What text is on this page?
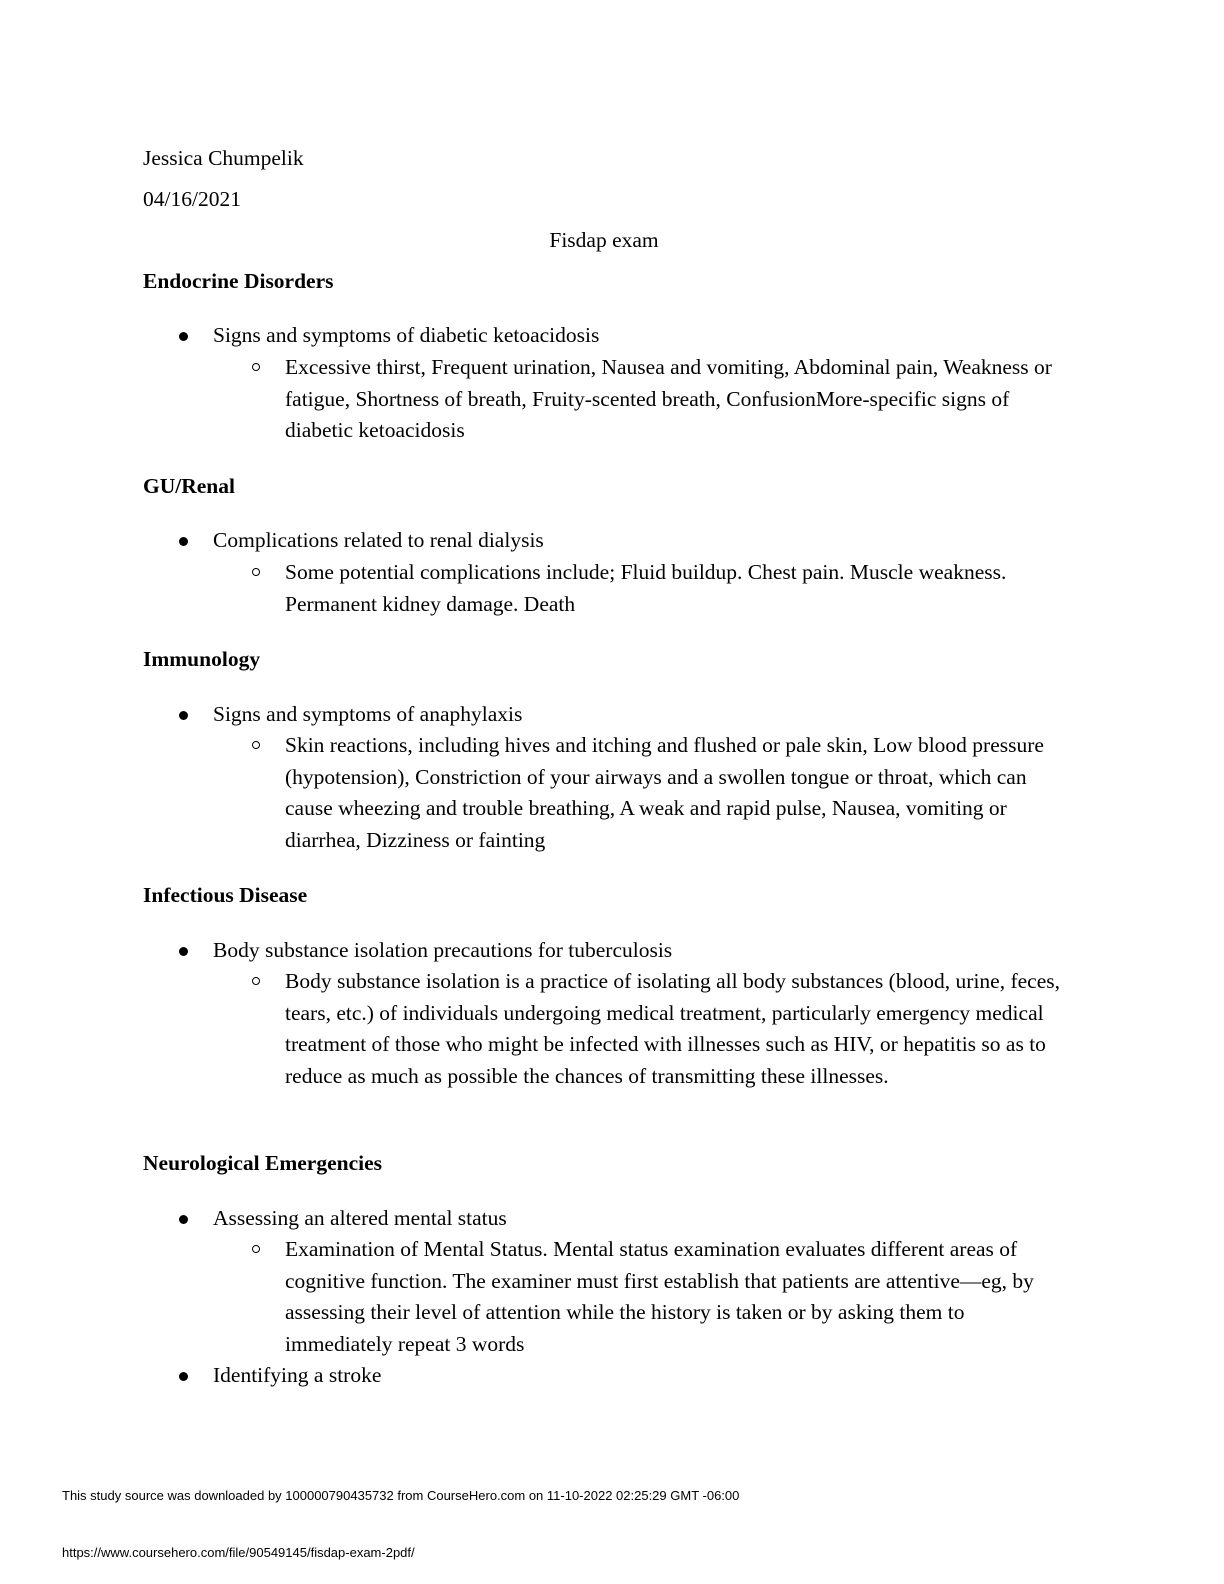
Jessica Chumpelik
04/16/2021
Fisdap exam
Endocrine Disorders
Signs and symptoms of diabetic ketoacidosis
Excessive thirst, Frequent urination, Nausea and vomiting, Abdominal pain, Weakness or fatigue, Shortness of breath, Fruity-scented breath, ConfusionMore-specific signs of diabetic ketoacidosis
GU/Renal
Complications related to renal dialysis
Some potential complications include; Fluid buildup. Chest pain. Muscle weakness. Permanent kidney damage. Death
Immunology
Signs and symptoms of anaphylaxis
Skin reactions, including hives and itching and flushed or pale skin, Low blood pressure (hypotension), Constriction of your airways and a swollen tongue or throat, which can cause wheezing and trouble breathing, A weak and rapid pulse, Nausea, vomiting or diarrhea, Dizziness or fainting
Infectious Disease
Body substance isolation precautions for tuberculosis
Body substance isolation is a practice of isolating all body substances (blood, urine, feces, tears, etc.) of individuals undergoing medical treatment, particularly emergency medical treatment of those who might be infected with illnesses such as HIV, or hepatitis so as to reduce as much as possible the chances of transmitting these illnesses.
Neurological Emergencies
Assessing an altered mental status
Examination of Mental Status. Mental status examination evaluates different areas of cognitive function. The examiner must first establish that patients are attentive—eg, by assessing their level of attention while the history is taken or by asking them to immediately repeat 3 words
Identifying a stroke
This study source was downloaded by 100000790435732 from CourseHero.com on 11-10-2022 02:25:29 GMT -06:00
https://www.coursehero.com/file/90549145/fisdap-exam-2pdf/
